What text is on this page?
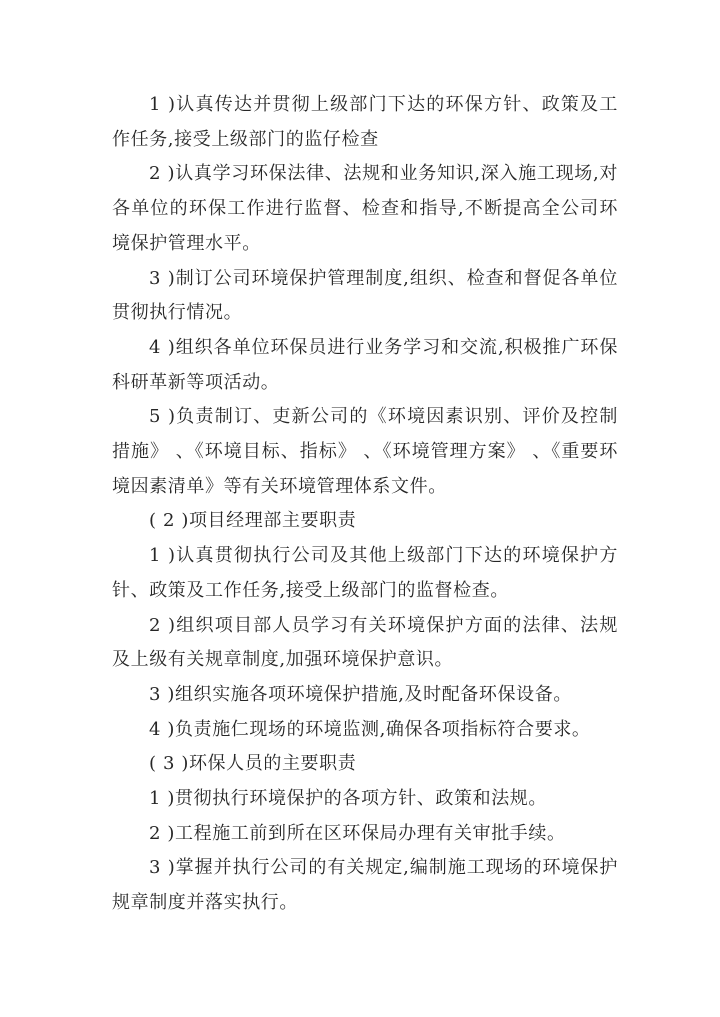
1 )认真传达并贯彻上级部门下达的环保方针、政策及工作任务,接受上级部门的监仔检查

2 )认真学习环保法律、法规和业务知识,深入施工现场,对各单位的环保工作进行监督、检查和指导,不断提高全公司环境保护管理水平。

3 )制订公司环境保护管理制度,组织、检查和督促各单位贯彻执行情况。

4 )组织各单位环保员进行业务学习和交流,积极推广环保科研革新等项活动。

5 )负责制订、吏新公司的《环境因素识别、评价及控制措施》 、《环境目标、指标》 、《环境管理方案》 、《重要环境因素清单》等有关环境管理体系文件。

( 2 )项目经理部主要职责

1 )认真贯彻执行公司及其他上级部门下达的环境保护方针、政策及工作任务,接受上级部门的监督检查。

2 )组织项目部人员学习有关环境保护方面的法律、法规及上级有关规章制度,加强环境保护意识。

3 )组织实施各项环境保护措施,及时配备环保设备。

4 )负责施仁现场的环境监测,确保各项指标符合要求。

( 3 )环保人员的主要职责

1 )贯彻执行环境保护的各项方针、政策和法规。

2 )工程施工前到所在区环保局办理有关审批手续。

3 )掌握并执行公司的有关规定,编制施工现场的环境保护规章制度并落实执行。
